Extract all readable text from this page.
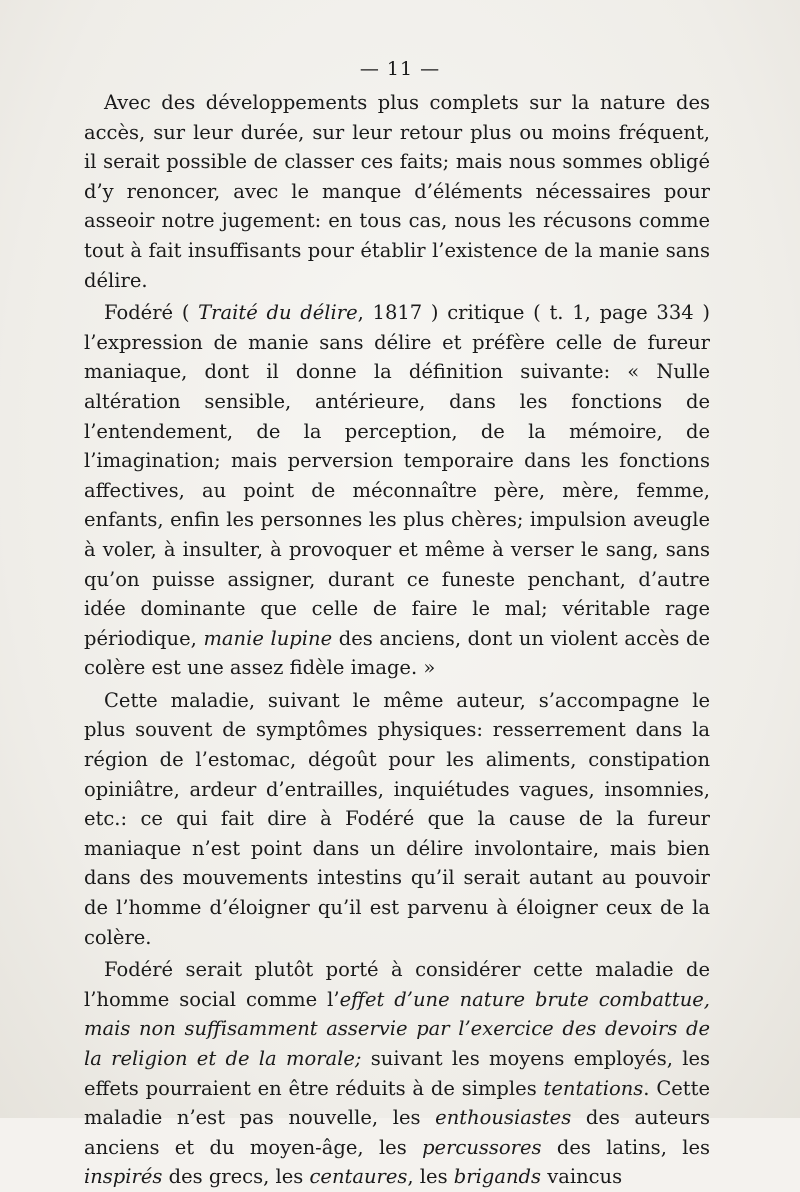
— 11 —

Avec des développements plus complets sur la nature des accès, sur leur durée, sur leur retour plus ou moins fréquent, il serait possible de classer ces faits; mais nous sommes obligé d’y renoncer, avec le manque d’éléments nécessaires pour asseoir notre jugement: en tous cas, nous les récusons comme tout à fait insuffisants pour établir l’existence de la manie sans délire.

Fodéré ( Traité du délire, 1817 ) critique ( t. 1, page 334 ) l’expression de manie sans délire et préfère celle de fureur maniaque, dont il donne la définition suivante: « Nulle altération sensible, antérieure, dans les fonctions de l’entendement, de la perception, de la mémoire, de l’imagination; mais perversion temporaire dans les fonctions affectives, au point de méconnaître père, mère, femme, enfants, enfin les personnes les plus chères; impulsion aveugle à voler, à insulter, à provoquer et même à verser le sang, sans qu’on puisse assigner, durant ce funeste penchant, d’autre idée dominante que celle de faire le mal; véritable rage périodique, manie lupine des anciens, dont un violent accès de colère est une assez fidèle image. »

Cette maladie, suivant le même auteur, s’accompagne le plus souvent de symptômes physiques: resserrement dans la région de l’estomac, dégoût pour les aliments, constipation opiniâtre, ardeur d’entrailles, inquiétudes vagues, insomnies, etc.: ce qui fait dire à Fodéré que la cause de la fureur maniaque n’est point dans un délire involontaire, mais bien dans des mouvements intestins qu’il serait autant au pouvoir de l’homme d’éloigner qu’il est parvenu à éloigner ceux de la colère.

Fodéré serait plutôt porté à considérer cette maladie de l’homme social comme l’effet d’une nature brute combattue, mais non suffisamment asservie par l’exercice des devoirs de la religion et de la morale; suivant les moyens employés, les effets pourraient en être réduits à de simples tentations. Cette maladie n’est pas nouvelle, les enthousiastes des auteurs anciens et du moyen-âge, les percussores des latins, les inspirés des grecs, les centaures, les brigands vaincus
